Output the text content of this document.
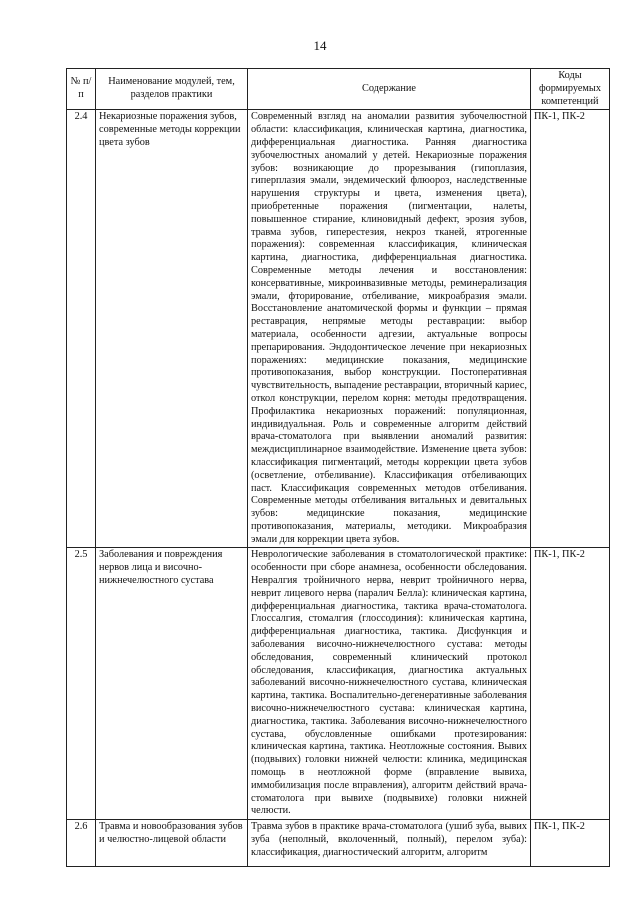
14
№ п/п	Наименование модулей, тем, разделов практики	Содержание	Коды формируемых компетенций
2.4	Некариозные поражения зубов, современные методы коррекции цвета зубов	Современный взгляд на аномалии развития зубочелюстной области: классификация, клиническая картина, диагностика, дифференциальная диагностика. Ранняя диагностика зубочелюстных аномалий у детей. Некариозные поражения зубов: возникающие до прорезывания (гипоплазия, гиперплазия эмали, эндемический флюороз, наследственные нарушения структуры и цвета, изменения цвета), приобретенные поражения (пигментации, налеты, повышенное стирание, клиновидный дефект, эрозия зубов, травма зубов, гиперестезия, некроз тканей, ятрогенные поражения): современная классификация, клиническая картина, диагностика, дифференциальная диагностика. Современные методы лечения и восстановления: консервативные, микроинвазивные методы, реминерализация эмали, фторирование, отбеливание, микроабразия эмали. Восстановление анатомической формы и функции – прямая реставрация, непрямые методы реставрации: выбор материала, особенности адгезии, актуальные вопросы препарирования. Эндодонтическое лечение при некариозных поражениях: медицинские показания, медицинские противопоказания, выбор конструкции. Постоперативная чувствительность, выпадение реставрации, вторичный кариес, откол конструкции, перелом корня: методы предотвращения. Профилактика некариозных поражений: популяционная, индивидуальная. Роль и современные алгоритм действий врача-стоматолога при выявлении аномалий развития: междисциплинарное взаимодействие. Изменение цвета зубов: классификация пигментаций, методы коррекции цвета зубов (осветление, отбеливание). Классификация отбеливающих паст. Классификация современных методов отбеливания. Современные методы отбеливания витальных и девитальных зубов: медицинские показания, медицинские противопоказания, материалы, методики. Микроабразия эмали для коррекции цвета зубов.	ПК-1, ПК-2
2.5	Заболевания и повреждения нервов лица и височно-нижнечелюстного сустава	Неврологические заболевания в стоматологической практике: особенности при сборе анамнеза, особенности обследования. Невралгия тройничного нерва, неврит тройничного нерва, неврит лицевого нерва (паралич Белла): клиническая картина, дифференциальная диагностика, тактика врача-стоматолога. Глоссалгия, стомалгия (глоссодиния): клиническая картина, дифференциальная диагностика, тактика. Дисфункция и заболевания височно-нижнечелюстного сустава: методы обследования, современный клинический протокол обследования, классификация, диагностика актуальных заболеваний височно-нижнечелюстного сустава, клиническая картина, тактика. Воспалительно-дегенеративные заболевания височно-нижнечелюстного сустава: клиническая картина, диагностика, тактика. Заболевания височно-нижнечелюстного сустава, обусловленные ошибками протезирования: клиническая картина, тактика. Неотложные состояния. Вывих (подвывих) головки нижней челюсти: клиника, медицинская помощь в неотложной форме (вправление вывиха, иммобилизация после вправления), алгоритм действий врача-стоматолога при вывихе (подвывихе) головки нижней челюсти.	ПК-1, ПК-2
2.6	Травма и новообразования зубов и челюстно-лицевой области	Травма зубов в практике врача-стоматолога (ушиб зуба, вывих зуба (неполный, вколоченный, полный), перелом зуба): классификация, диагностический алгоритм, алгоритм	ПК-1, ПК-2
